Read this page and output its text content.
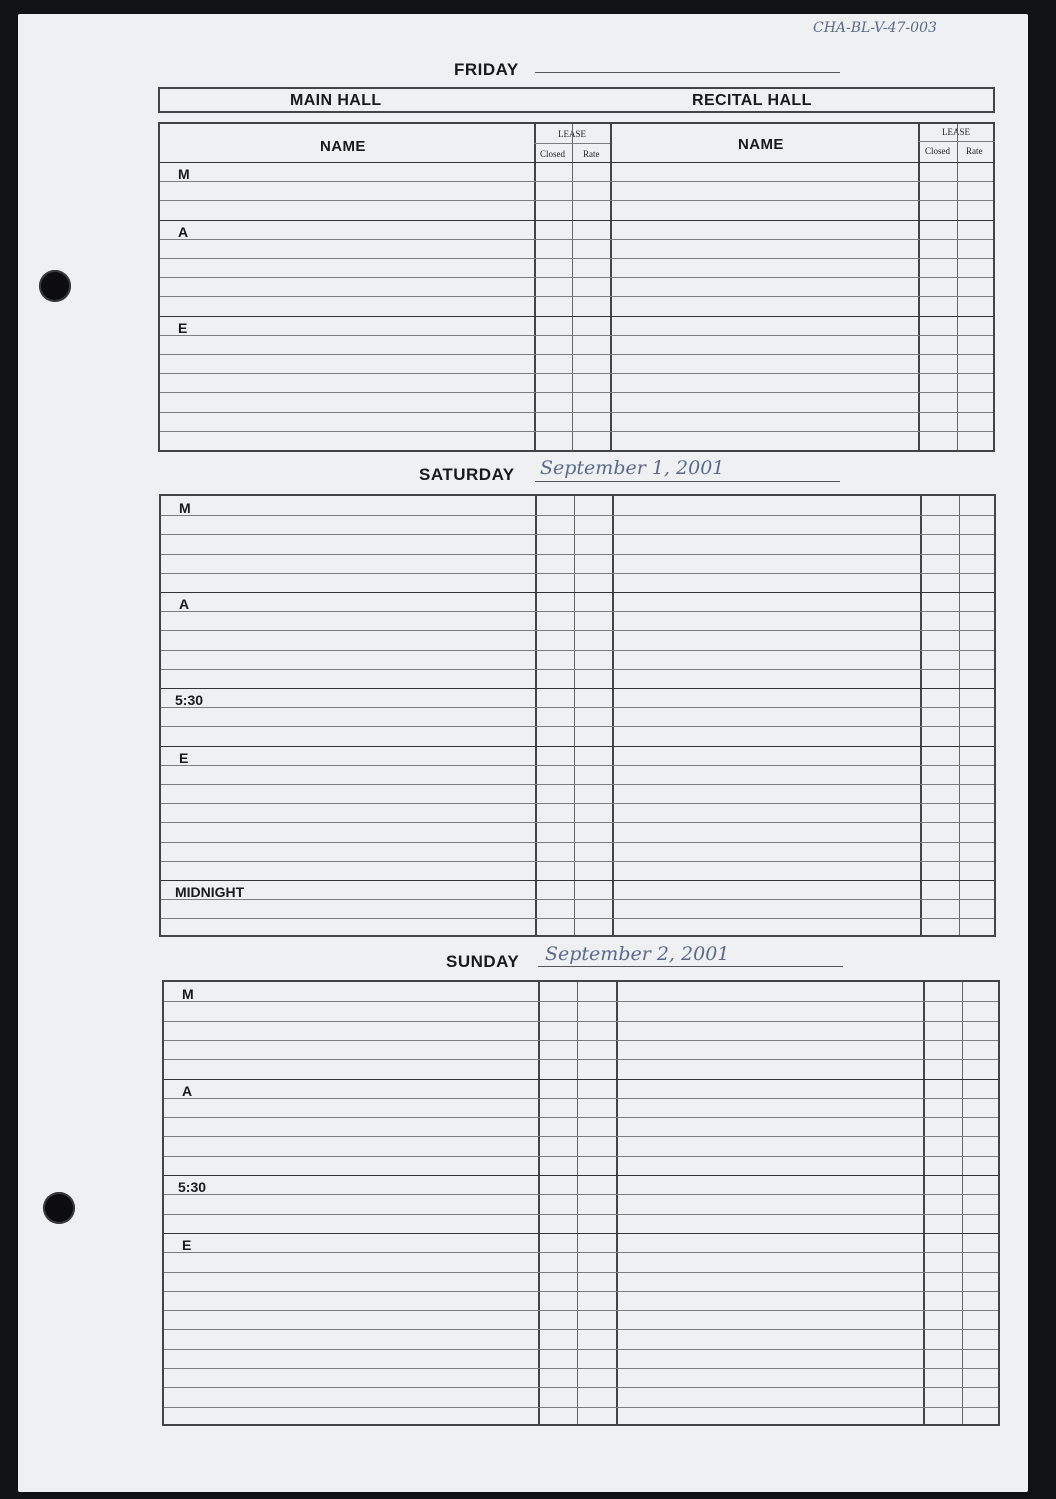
CHA-BL-V-47-003
FRIDAY
MAIN HALL	RECITAL HALL
NAME	NAME
LEASE
Closed Rate
LEASE
Closed Rate
M
A
E
SATURDAY September 1, 2001
M
A
5:30
E
MIDNIGHT
SUNDAY September 2, 2001
M
A
5:30
E
